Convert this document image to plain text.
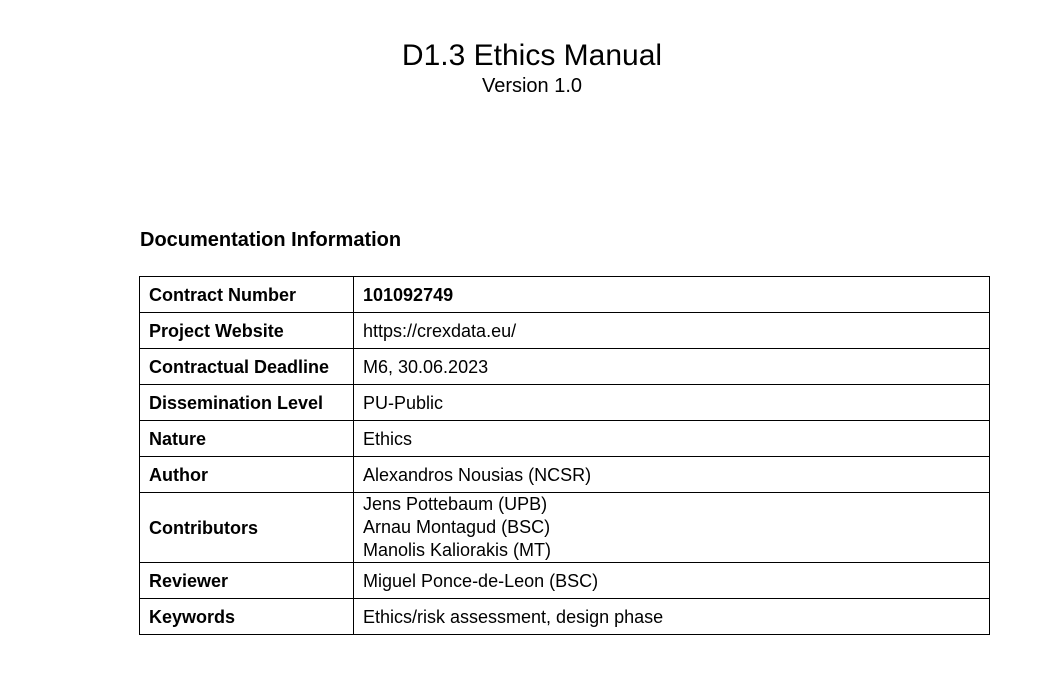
D1.3 Ethics Manual

Version 1.0

Documentation Information
Contract Number	101092749
Project Website	https://crexdata.eu/
Contractual Deadline	M6, 30.06.2023
Dissemination Level	PU-Public
Nature	Ethics
Author	Alexandros Nousias (NCSR)
Contributors	Jens Pottebaum (UPB)
Arnau Montagud (BSC)
Manolis Kaliorakis (MT)

Reviewer	Miguel Ponce-de-Leon (BSC)
Keywords	Ethics/risk assessment, design phase
